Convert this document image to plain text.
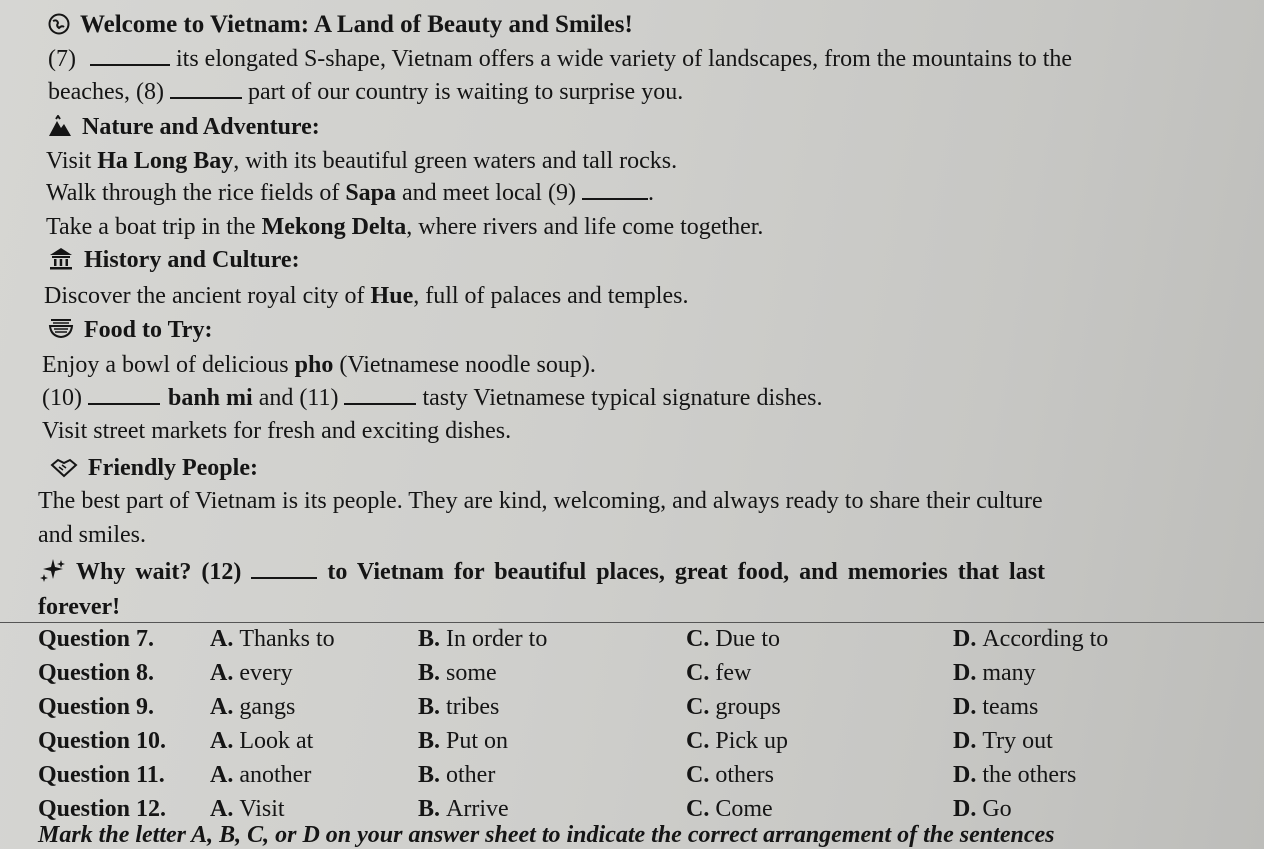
Welcome to Vietnam: A Land of Beauty and Smiles!
(7)	its elongated S-shape, Vietnam offers a wide variety of landscapes, from the mountains to the
beaches, (8)	part of our country is waiting to surprise you.
Nature and Adventure:
Visit Ha Long Bay, with its beautiful green waters and tall rocks.
Walk through the rice fields of Sapa and meet local (9)	.
Take a boat trip in the Mekong Delta, where rivers and life come together.
History and Culture:
Discover the ancient royal city of Hue, full of palaces and temples.
Food to Try:
Enjoy a bowl of delicious pho (Vietnamese noodle soup).
(10)	banh mi and (11)	tasty Vietnamese typical signature dishes.
Visit street markets for fresh and exciting dishes.
Friendly People:
The best part of Vietnam is its people. They are kind, welcoming, and always ready to share their culture
and smiles.
Why wait? (12)	to Vietnam for beautiful places, great food, and memories that last
forever!
Question 7. A. Thanks to	B. In order to	C. Due to	D. According to
Question 8. A. every	B. some	C. few	D. many
Question 9. A. gangs	B. tribes	C. groups	D. teams
Question 10. A. Look at	B. Put on	C. Pick up	D. Try out
Question 11. A. another	B. other	C. others	D. the others
Question 12. A. Visit	B. Arrive	C. Come	D. Go
Mark the letter A, B, C, or D on your answer sheet to indicate the correct arrangement of the sentences
